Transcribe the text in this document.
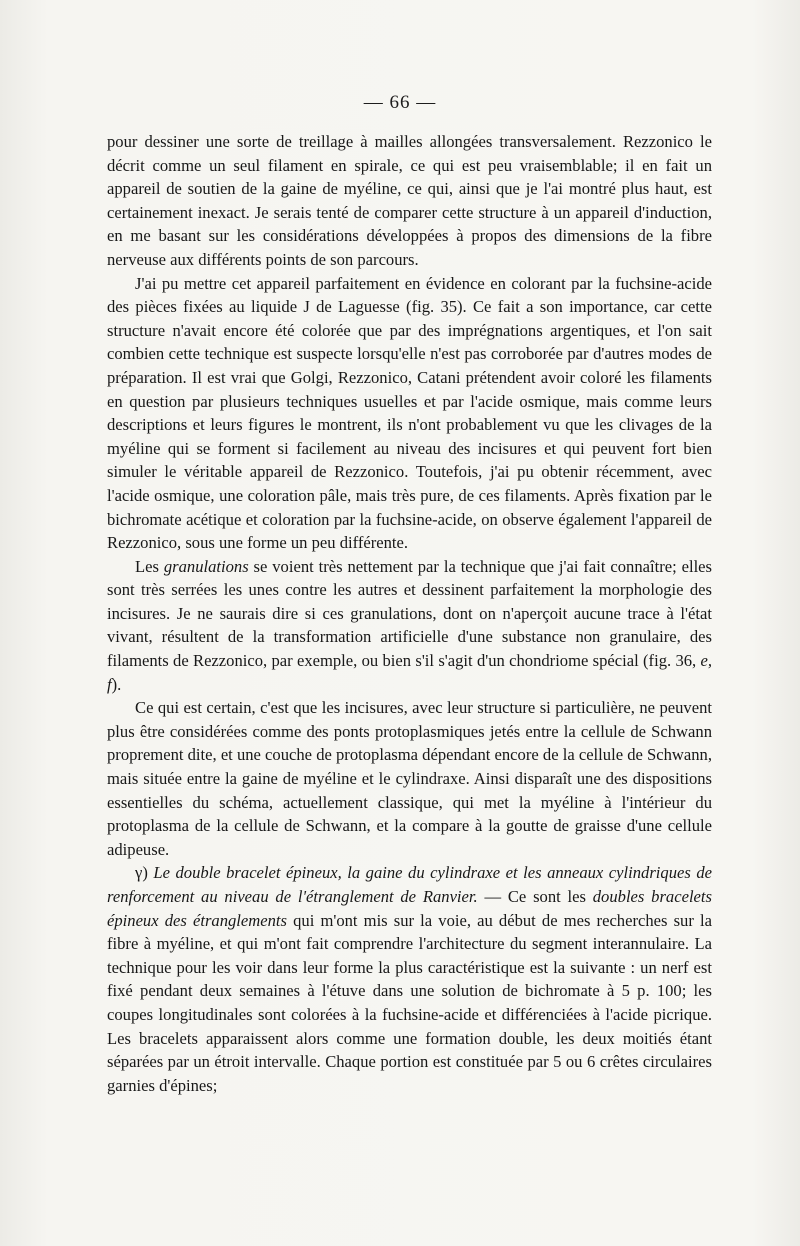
— 66 —

pour dessiner une sorte de treillage à mailles allongées transversalement. Rezzonico le décrit comme un seul filament en spirale, ce qui est peu vraisemblable; il en fait un appareil de soutien de la gaine de myéline, ce qui, ainsi que je l'ai montré plus haut, est certainement inexact. Je serais tenté de comparer cette structure à un appareil d'induction, en me basant sur les considérations développées à propos des dimensions de la fibre nerveuse aux différents points de son parcours.

J'ai pu mettre cet appareil parfaitement en évidence en colorant par la fuchsine-acide des pièces fixées au liquide J de Laguesse (fig. 35). Ce fait a son importance, car cette structure n'avait encore été colorée que par des imprégnations argentiques, et l'on sait combien cette technique est suspecte lorsqu'elle n'est pas corroborée par d'autres modes de préparation. Il est vrai que Golgi, Rezzonico, Catani prétendent avoir coloré les filaments en question par plusieurs techniques usuelles et par l'acide osmique, mais comme leurs descriptions et leurs figures le montrent, ils n'ont probablement vu que les clivages de la myéline qui se forment si facilement au niveau des incisures et qui peuvent fort bien simuler le véritable appareil de Rezzonico. Toutefois, j'ai pu obtenir récemment, avec l'acide osmique, une coloration pâle, mais très pure, de ces filaments. Après fixation par le bichromate acétique et coloration par la fuchsine-acide, on observe également l'appareil de Rezzonico, sous une forme un peu différente.

Les granulations se voient très nettement par la technique que j'ai fait connaître; elles sont très serrées les unes contre les autres et dessinent parfaitement la morphologie des incisures. Je ne saurais dire si ces granulations, dont on n'aperçoit aucune trace à l'état vivant, résultent de la transformation artificielle d'une substance non granulaire, des filaments de Rezzonico, par exemple, ou bien s'il s'agit d'un chondriome spécial (fig. 36, e, f).

Ce qui est certain, c'est que les incisures, avec leur structure si particulière, ne peuvent plus être considérées comme des ponts protoplasmiques jetés entre la cellule de Schwann proprement dite, et une couche de protoplasma dépendant encore de la cellule de Schwann, mais située entre la gaine de myéline et le cylindraxe. Ainsi disparaît une des dispositions essentielles du schéma, actuellement classique, qui met la myéline à l'intérieur du protoplasma de la cellule de Schwann, et la compare à la goutte de graisse d'une cellule adipeuse.

γ) Le double bracelet épineux, la gaine du cylindraxe et les anneaux cylindriques de renforcement au niveau de l'étranglement de Ranvier. — Ce sont les doubles bracelets épineux des étranglements qui m'ont mis sur la voie, au début de mes recherches sur la fibre à myéline, et qui m'ont fait comprendre l'architecture du segment interannulaire. La technique pour les voir dans leur forme la plus caractéristique est la suivante : un nerf est fixé pendant deux semaines à l'étuve dans une solution de bichromate à 5 p. 100; les coupes longitudinales sont colorées à la fuchsine-acide et différenciées à l'acide picrique. Les bracelets apparaissent alors comme une formation double, les deux moitiés étant séparées par un étroit intervalle. Chaque portion est constituée par 5 ou 6 crêtes circulaires garnies d'épines;
